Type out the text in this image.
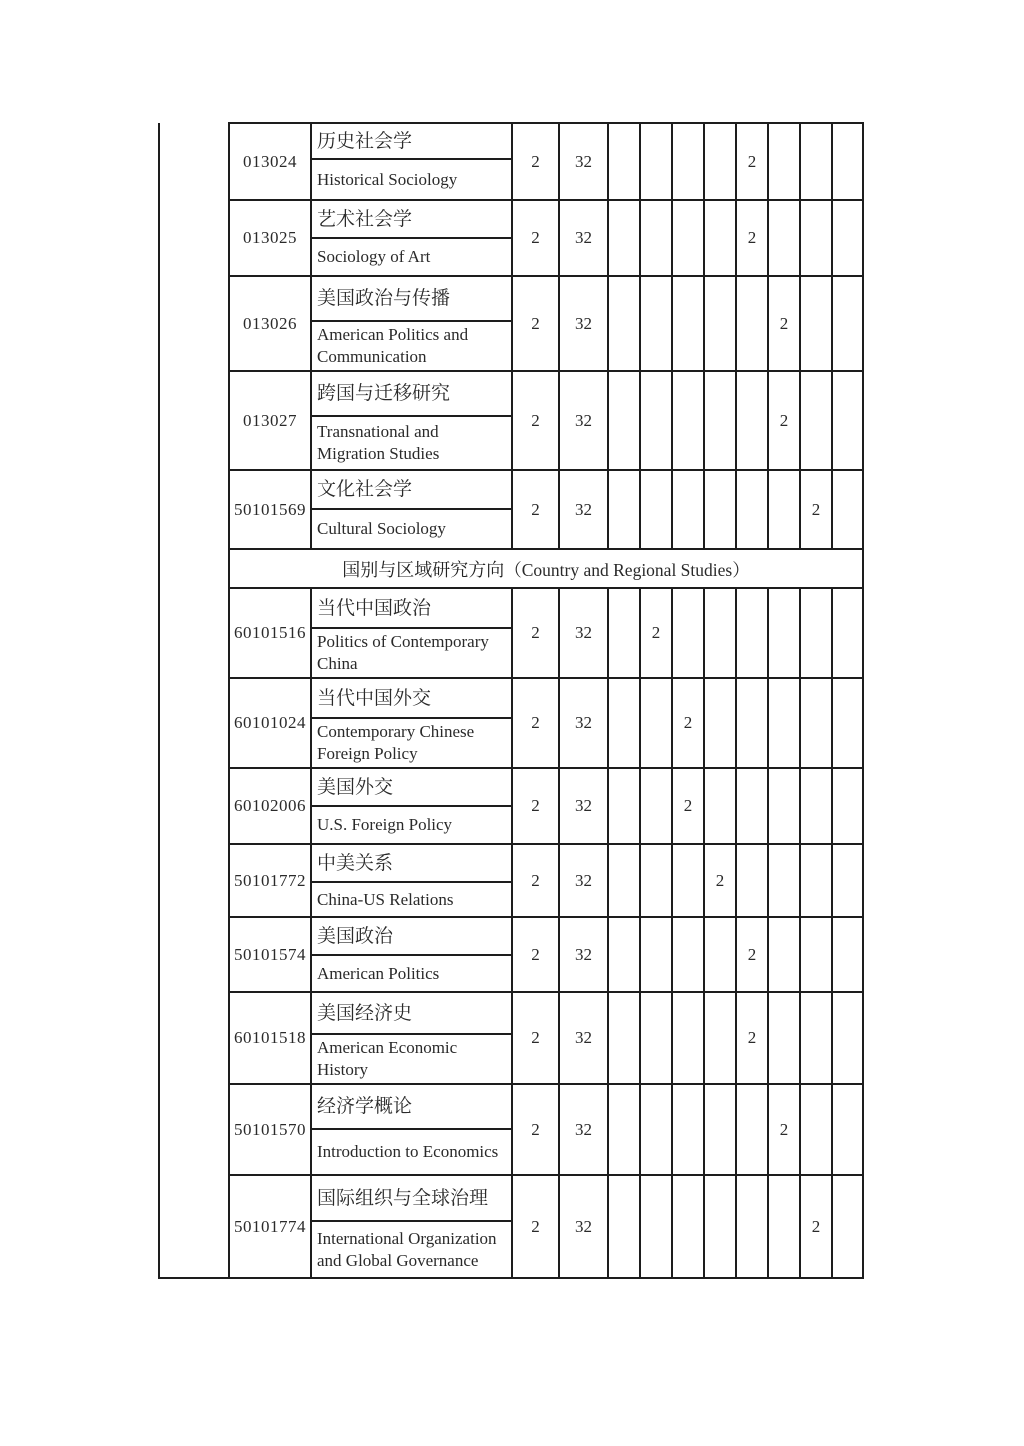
	013024	历史社会学	2	32					2			
		Historical Sociology										
	013025	艺术社会学	2	32					2			
		Sociology of Art										
	013026	美国政治与传播	2	32						2		
		American Politics and Communication										
	013027	跨国与迁移研究	2	32						2		
		Transnational and Migration Studies										
	50101569	文化社会学	2	32							2	
		Cultural Sociology										
	国别与区域研究方向（Country and Regional Studies）											
	60101516	当代中国政治	2	32		2						
		Politics of Contemporary China										
	60101024	当代中国外交	2	32			2					
		Contemporary Chinese Foreign Policy										
	60102006	美国外交	2	32			2					
		U.S. Foreign Policy										
	50101772	中美关系	2	32				2				
		China-US Relations										
	50101574	美国政治	2	32					2			
		American Politics										
	60101518	美国经济史	2	32					2			
		American Economic History										
	50101570	经济学概论	2	32						2		
		Introduction to Economics										
	50101774	国际组织与全球治理	2	32							2	
		International Organization and Global Governance										
